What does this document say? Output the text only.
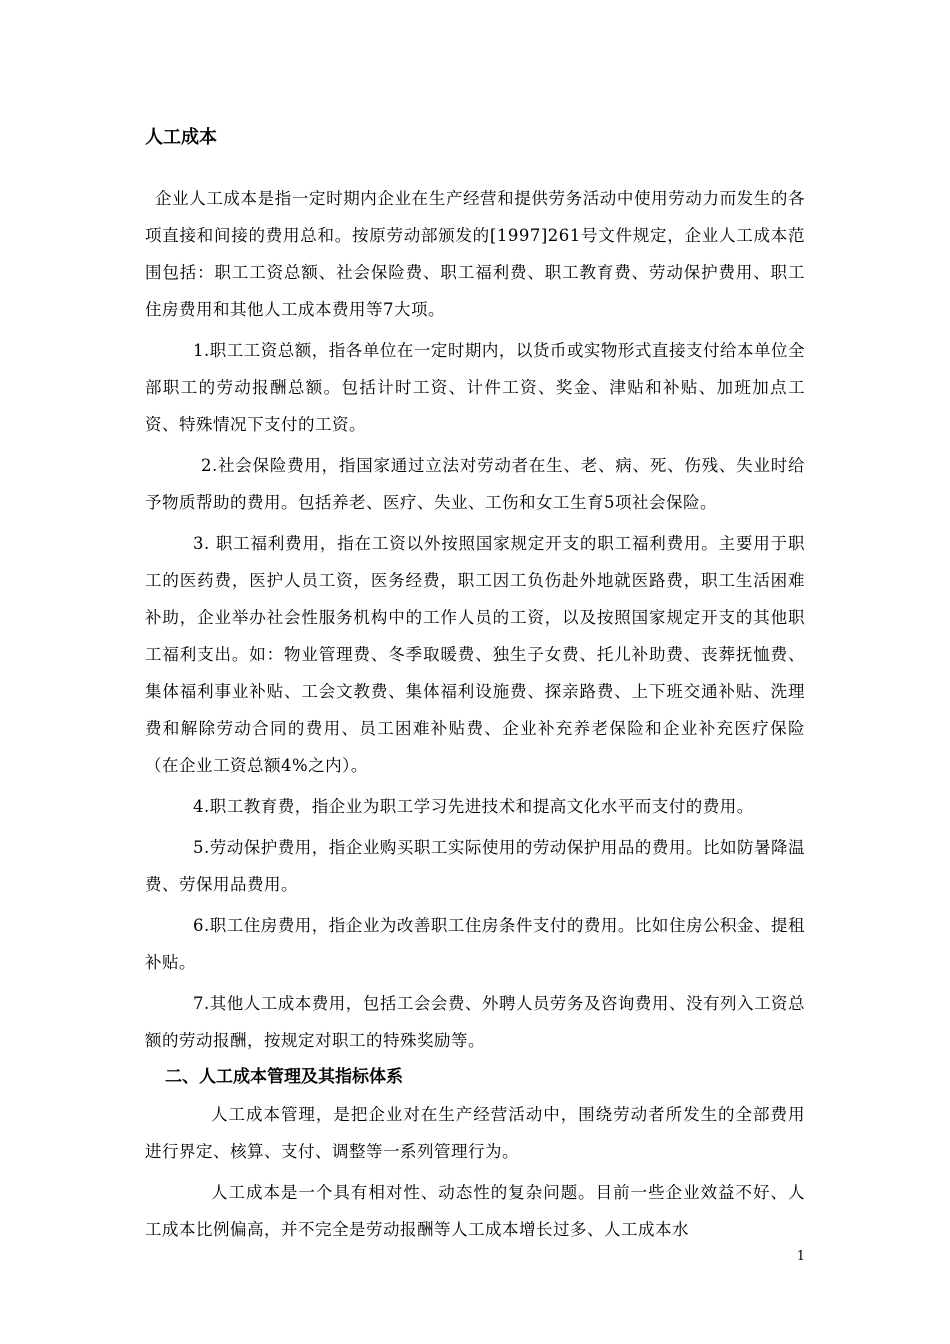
人工成本

企业人工成本是指一定时期内企业在生产经营和提供劳务活动中使用劳动力而发生的各项直接和间接的费用总和。按原劳动部颁发的[1997]261号文件规定，企业人工成本范围包括：职工工资总额、社会保险费、职工福利费、职工教育费、劳动保护费用、职工住房费用和其他人工成本费用等7大项。

1.职工工资总额，指各单位在一定时期内，以货币或实物形式直接支付给本单位全部职工的劳动报酬总额。包括计时工资、计件工资、奖金、津贴和补贴、加班加点工资、特殊情况下支付的工资。

2.社会保险费用，指国家通过立法对劳动者在生、老、病、死、伤残、失业时给予物质帮助的费用。包括养老、医疗、失业、工伤和女工生育5项社会保险。

3. 职工福利费用，指在工资以外按照国家规定开支的职工福利费用。主要用于职工的医药费，医护人员工资，医务经费，职工因工负伤赴外地就医路费，职工生活困难补助，企业举办社会性服务机构中的工作人员的工资，以及按照国家规定开支的其他职工福利支出。如：物业管理费、冬季取暖费、独生子女费、托儿补助费、丧葬抚恤费、集体福利事业补贴、工会文教费、集体福利设施费、探亲路费、上下班交通补贴、洗理费和解除劳动合同的费用、员工困难补贴费、企业补充养老保险和企业补充医疗保险（在企业工资总额4%之内）。

4.职工教育费，指企业为职工学习先进技术和提高文化水平而支付的费用。

5.劳动保护费用，指企业购买职工实际使用的劳动保护用品的费用。比如防暑降温费、劳保用品费用。

6.职工住房费用，指企业为改善职工住房条件支付的费用。比如住房公积金、提租补贴。

7.其他人工成本费用，包括工会会费、外聘人员劳务及咨询费用、没有列入工资总额的劳动报酬，按规定对职工的特殊奖励等。

二、人工成本管理及其指标体系

人工成本管理，是把企业对在生产经营活动中，围绕劳动者所发生的全部费用进行界定、核算、支付、调整等一系列管理行为。

人工成本是一个具有相对性、动态性的复杂问题。目前一些企业效益不好、人工成本比例偏高，并不完全是劳动报酬等人工成本增长过多、人工成本水

1
